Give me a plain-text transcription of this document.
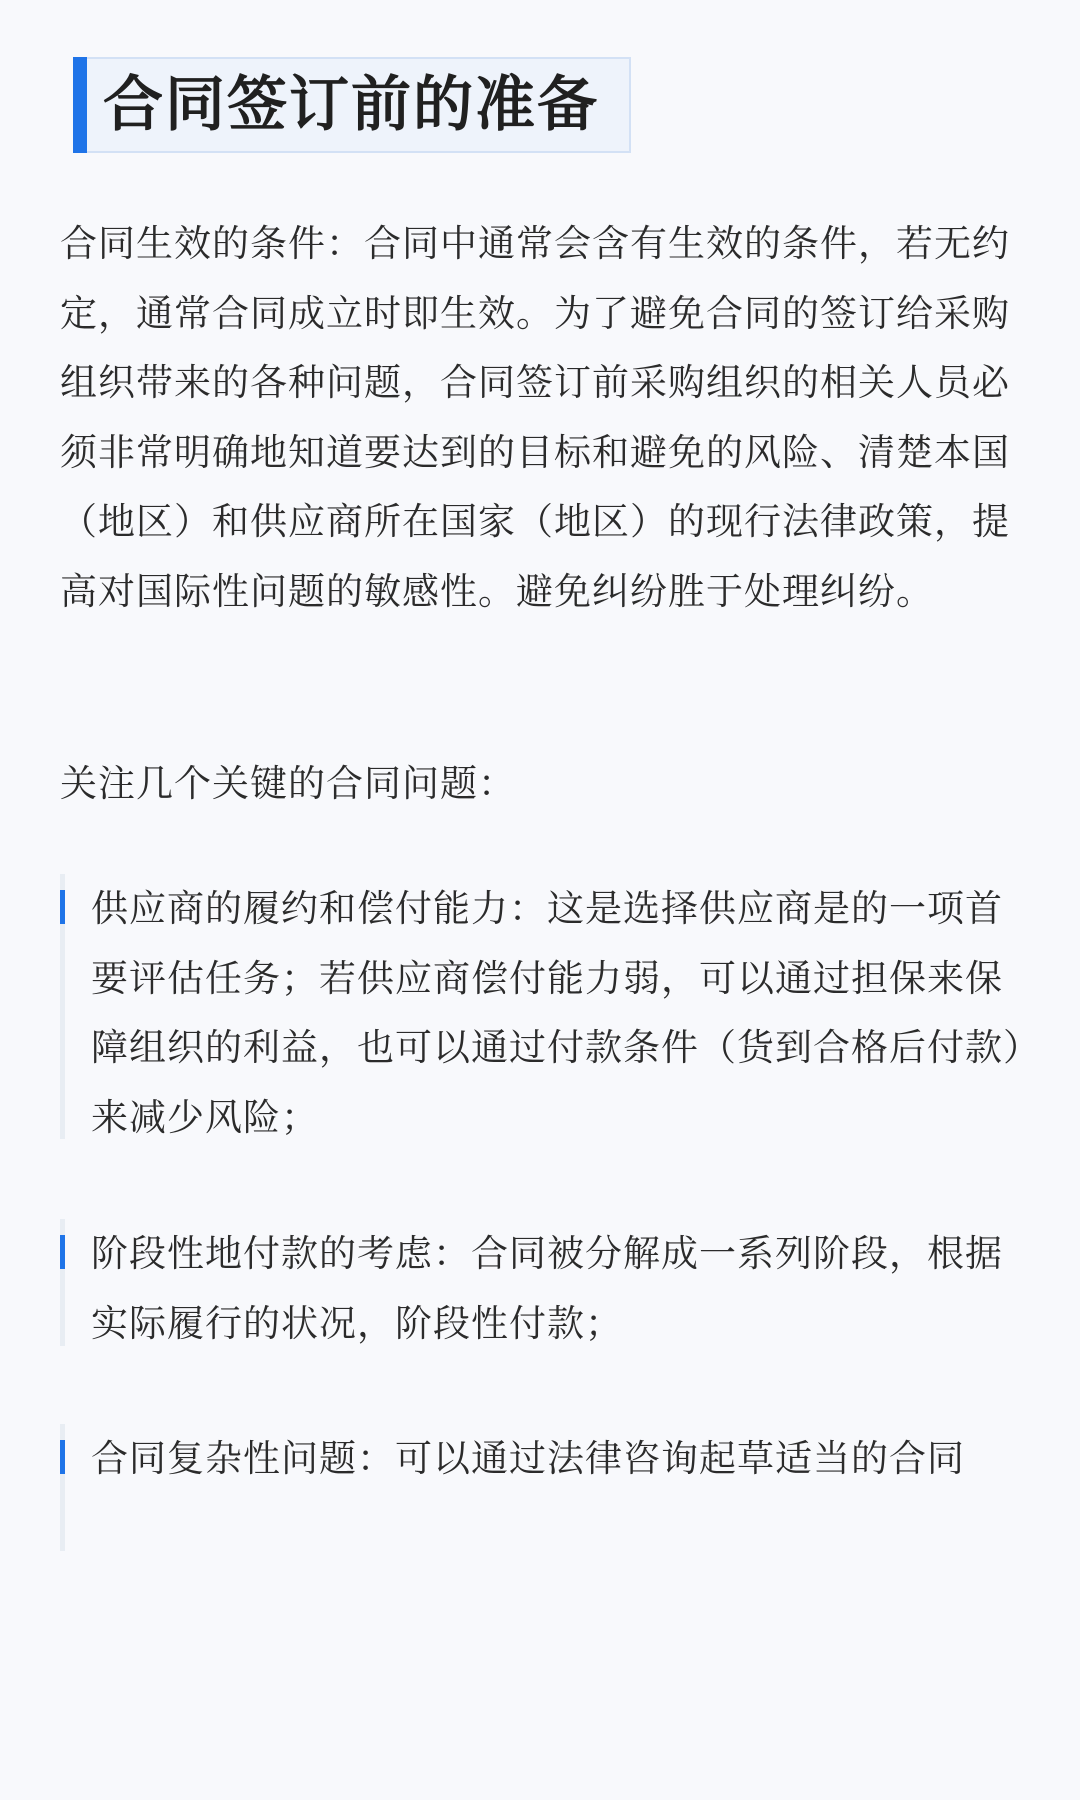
合同签订前的准备

合同生效的条件：合同中通常会含有生效的条件，若无约定，通常合同成立时即生效。为了避免合同的签订给采购组织带来的各种问题，合同签订前采购组织的相关人员必须非常明确地知道要达到的目标和避免的风险、清楚本国（地区）和供应商所在国家（地区）的现行法律政策，提高对国际性问题的敏感性。避免纠纷胜于处理纠纷。

关注几个关键的合同问题：

供应商的履约和偿付能力：这是选择供应商是的一项首要评估任务；若供应商偿付能力弱，可以通过担保来保障组织的利益，也可以通过付款条件（货到合格后付款）来减少风险；

阶段性地付款的考虑：合同被分解成一系列阶段，根据实际履行的状况，阶段性付款；

合同复杂性问题：可以通过法律咨询起草适当的合同
